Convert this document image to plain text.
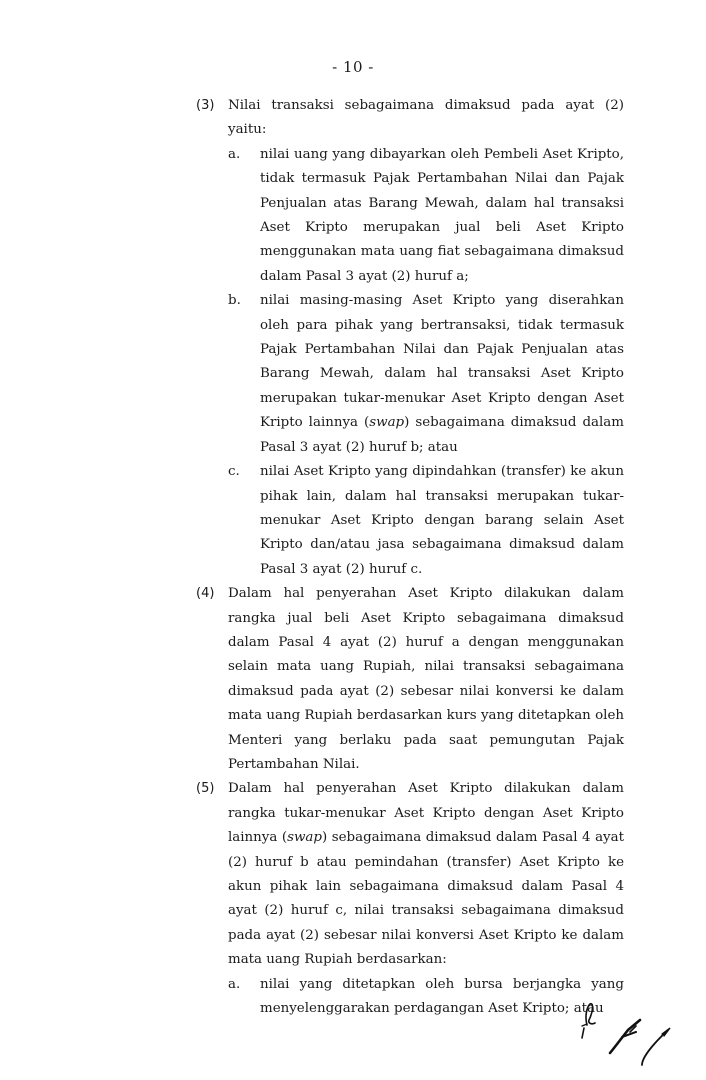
- 10 -
(3) Nilai transaksi sebagaimana dimaksud pada ayat (2) yaitu:
a. nilai uang yang dibayarkan oleh Pembeli Aset Kripto, tidak termasuk Pajak Pertambahan Nilai dan Pajak Penjualan atas Barang Mewah, dalam hal transaksi Aset Kripto merupakan jual beli Aset Kripto menggunakan mata uang fiat sebagaimana dimaksud dalam Pasal 3 ayat (2) huruf a;
b. nilai masing-masing Aset Kripto yang diserahkan oleh para pihak yang bertransaksi, tidak termasuk Pajak Pertambahan Nilai dan Pajak Penjualan atas Barang Mewah, dalam hal transaksi Aset Kripto merupakan tukar-menukar Aset Kripto dengan Aset Kripto lainnya (swap) sebagaimana dimaksud dalam Pasal 3 ayat (2) huruf b; atau
c. nilai Aset Kripto yang dipindahkan (transfer) ke akun pihak lain, dalam hal transaksi merupakan tukar-menukar Aset Kripto dengan barang selain Aset Kripto dan/atau jasa sebagaimana dimaksud dalam Pasal 3 ayat (2) huruf c.
(4) Dalam hal penyerahan Aset Kripto dilakukan dalam rangka jual beli Aset Kripto sebagaimana dimaksud dalam Pasal 4 ayat (2) huruf a dengan menggunakan selain mata uang Rupiah, nilai transaksi sebagaimana dimaksud pada ayat (2) sebesar nilai konversi ke dalam mata uang Rupiah berdasarkan kurs yang ditetapkan oleh Menteri yang berlaku pada saat pemungutan Pajak Pertambahan Nilai.
(5) Dalam hal penyerahan Aset Kripto dilakukan dalam rangka tukar-menukar Aset Kripto dengan Aset Kripto lainnya (swap) sebagaimana dimaksud dalam Pasal 4 ayat (2) huruf b atau pemindahan (transfer) Aset Kripto ke akun pihak lain sebagaimana dimaksud dalam Pasal 4 ayat (2) huruf c, nilai transaksi sebagaimana dimaksud pada ayat (2) sebesar nilai konversi Aset Kripto ke dalam mata uang Rupiah berdasarkan:
a. nilai yang ditetapkan oleh bursa berjangka yang menyelenggarakan perdagangan Aset Kripto; atau
